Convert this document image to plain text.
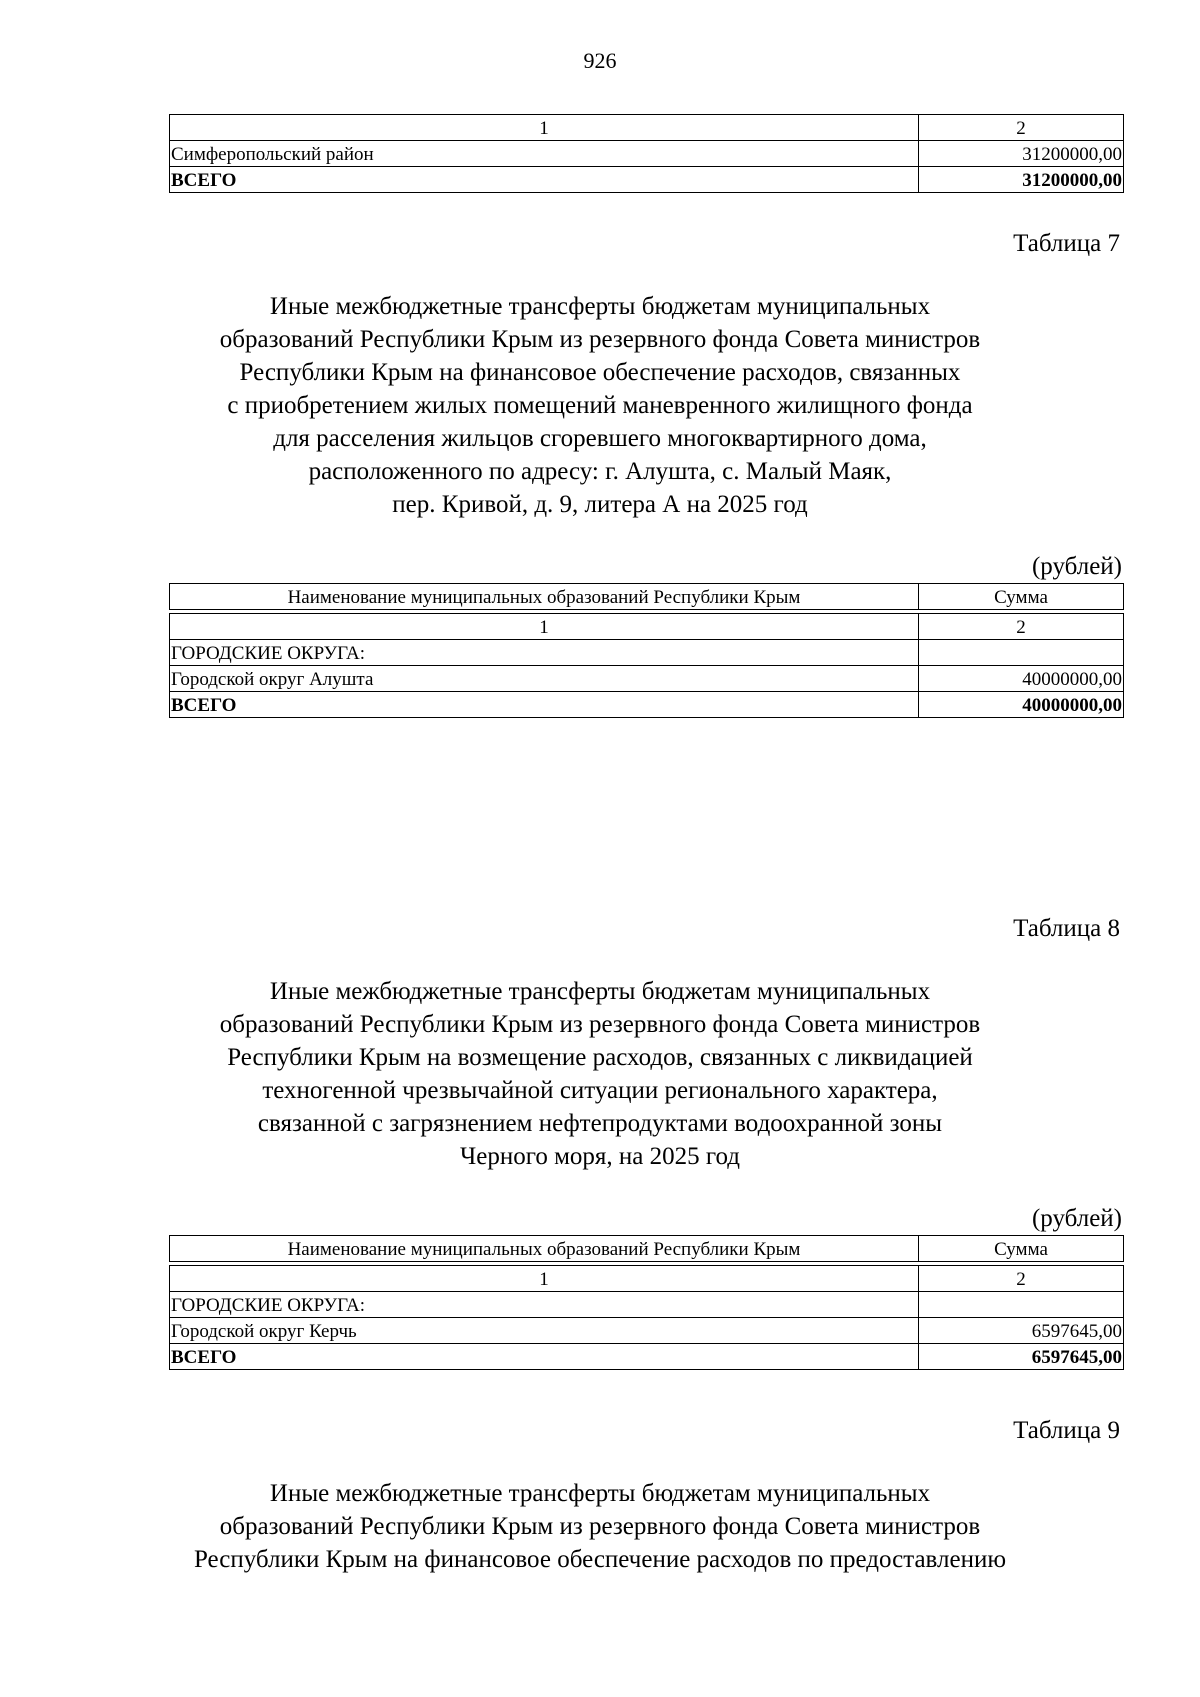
926
1	2
Симферопольский район	31200000,00
ВСЕГО	31200000,00
Таблица 7
Иные межбюджетные трансферты бюджетам муниципальных
образований Республики Крым из резервного фонда Совета министров
Республики Крым на финансовое обеспечение расходов, связанных
с приобретением жилых помещений маневренного жилищного фонда
для расселения жильцов сгоревшего многоквартирного дома,
расположенного по адресу: г. Алушта, с. Малый Маяк,
пер. Кривой, д. 9, литера А на 2025 год
(рублей)
Наименование муниципальных образований Республики Крым	Сумма

1	2
ГОРОДСКИЕ ОКРУГА:	
Городской округ Алушта	40000000,00
ВСЕГО	40000000,00
Таблица 8
Иные межбюджетные трансферты бюджетам муниципальных
образований Республики Крым из резервного фонда Совета министров
Республики Крым на возмещение расходов, связанных с ликвидацией
техногенной чрезвычайной ситуации регионального характера,
связанной с загрязнением нефтепродуктами водоохранной зоны
Черного моря, на 2025 год
(рублей)
Наименование муниципальных образований Республики Крым	Сумма

1	2
ГОРОДСКИЕ ОКРУГА:	
Городской округ Керчь	6597645,00
ВСЕГО	6597645,00
Таблица 9
Иные межбюджетные трансферты бюджетам муниципальных
образований Республики Крым из резервного фонда Совета министров
Республики Крым на финансовое обеспечение расходов по предоставлению
